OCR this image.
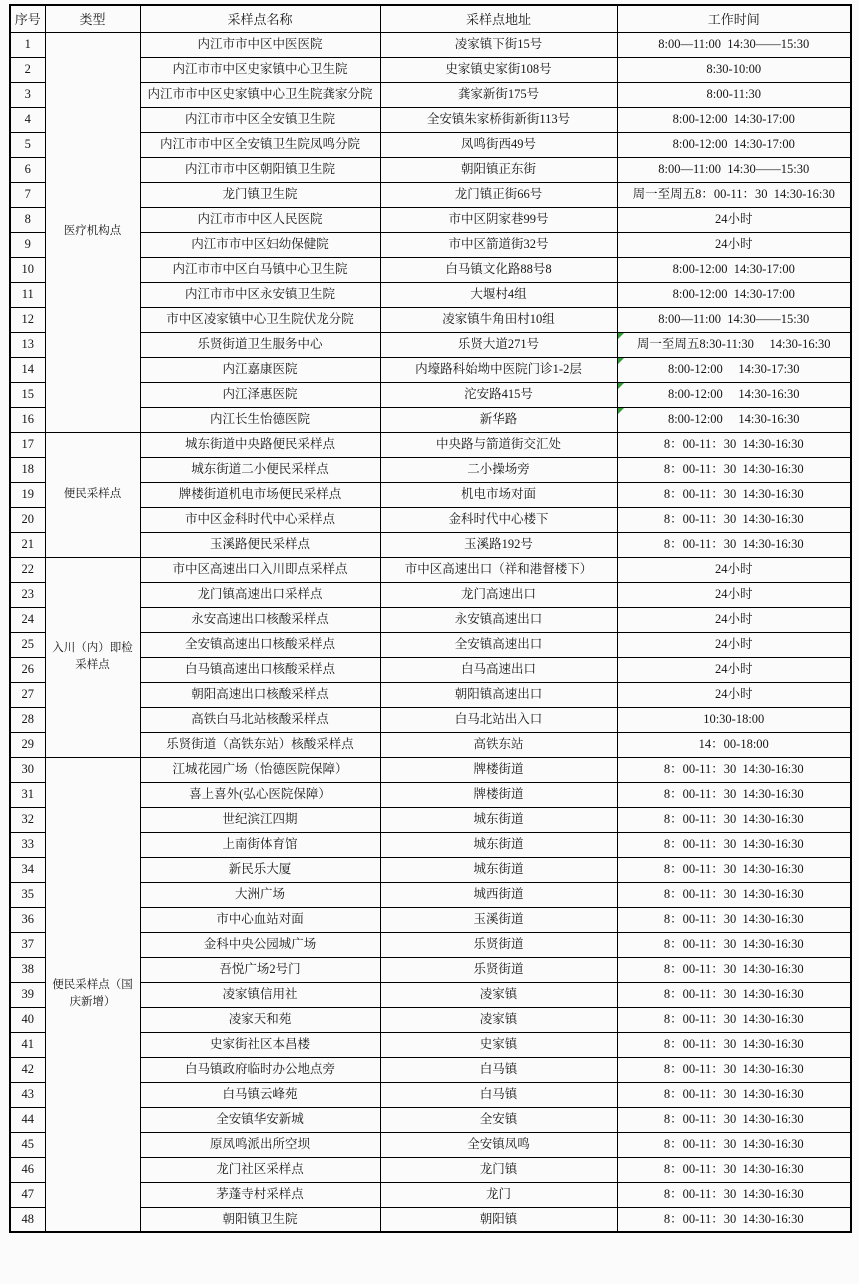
序号	类型	采样点名称	采样点地址	工作时间
1	医疗机构点	内江市市中区中医医院	凌家镇下街15号	8:00—11:00  14:30——15:30
2		内江市市中区史家镇中心卫生院	史家镇史家街108号	8:30-10:00
3		内江市市中区史家镇中心卫生院龚家分院	龚家新街175号	8:00-11:30
4		内江市市中区全安镇卫生院	全安镇朱家桥街新街113号	8:00-12:00  14:30-17:00
5		内江市市中区全安镇卫生院凤鸣分院	凤鸣街西49号	8:00-12:00  14:30-17:00
6		内江市市中区朝阳镇卫生院	朝阳镇正东街	8:00—11:00  14:30——15:30
7		龙门镇卫生院	龙门镇正街66号	周一至周五8：00-11：30  14:30-16:30
8		内江市市中区人民医院	市中区阴家巷99号	24小时
9		内江市市中区妇幼保健院	市中区箭道街32号	24小时
10		内江市市中区白马镇中心卫生院	白马镇文化路88号8	8:00-12:00  14:30-17:00
11		内江市市中区永安镇卫生院	大堰村4组	8:00-12:00  14:30-17:00
12		市中区凌家镇中心卫生院伏龙分院	凌家镇牛角田村10组	8:00—11:00  14:30——15:30
13		乐贤街道卫生服务中心	乐贤大道271号	周一至周五8:30-11:30     14:30-16:30

14		内江嘉康医院	内壕路科始坳中医院门诊1-2层	8:00-12:00     14:30-17:30

15		内江泽惠医院	沱安路415号	8:00-12:00     14:30-16:30

16		内江长生怡德医院	新华路	8:00-12:00     14:30-16:30

17	便民采样点	城东街道中央路便民采样点	中央路与箭道街交汇处	8：00-11：30  14:30-16:30
18		城东街道二小便民采样点	二小操场旁	8：00-11：30  14:30-16:30
19		牌楼街道机电市场便民采样点	机电市场对面	8：00-11：30  14:30-16:30
20		市中区金科时代中心采样点	金科时代中心楼下	8：00-11：30  14:30-16:30
21		玉溪路便民采样点	玉溪路192号	8：00-11：30  14:30-16:30
22	入川（内）即检采样点	市中区高速出口入川即点采样点	市中区高速出口（祥和港督楼下）	24小时
23		龙门镇高速出口采样点	龙门高速出口	24小时
24		永安高速出口核酸采样点	永安镇高速出口	24小时
25		全安镇高速出口核酸采样点	全安镇高速出口	24小时
26		白马镇高速出口核酸采样点	白马高速出口	24小时
27		朝阳高速出口核酸采样点	朝阳镇高速出口	24小时
28		高铁白马北站核酸采样点	白马北站出入口	10:30-18:00
29		乐贤街道（高铁东站）核酸采样点	高铁东站	14：00-18:00
30	便民采样点（国庆新增）	江城花园广场（怡德医院保障）	牌楼街道	8：00-11：30  14:30-16:30
31		喜上喜外(弘心医院保障）	牌楼街道	8：00-11：30  14:30-16:30
32		世纪滨江四期	城东街道	8：00-11：30  14:30-16:30
33		上南街体育馆	城东街道	8：00-11：30  14:30-16:30
34		新民乐大厦	城东街道	8：00-11：30  14:30-16:30
35		大洲广场	城西街道	8：00-11：30  14:30-16:30
36		市中心血站对面	玉溪街道	8：00-11：30  14:30-16:30
37		金科中央公园城广场	乐贤街道	8：00-11：30  14:30-16:30
38		吾悦广场2号门	乐贤街道	8：00-11：30  14:30-16:30
39		凌家镇信用社	凌家镇	8：00-11：30  14:30-16:30
40		凌家天和苑	凌家镇	8：00-11：30  14:30-16:30
41		史家街社区本昌楼	史家镇	8：00-11：30  14:30-16:30
42		白马镇政府临时办公地点旁	白马镇	8：00-11：30  14:30-16:30
43		白马镇云峰苑	白马镇	8：00-11：30  14:30-16:30
44		全安镇华安新城	全安镇	8：00-11：30  14:30-16:30
45		原凤鸣派出所空坝	全安镇凤鸣	8：00-11：30  14:30-16:30
46		龙门社区采样点	龙门镇	8：00-11：30  14:30-16:30
47		茅蓬寺村采样点	龙门	8：00-11：30  14:30-16:30
48		朝阳镇卫生院	朝阳镇	8：00-11：30  14:30-16:30
